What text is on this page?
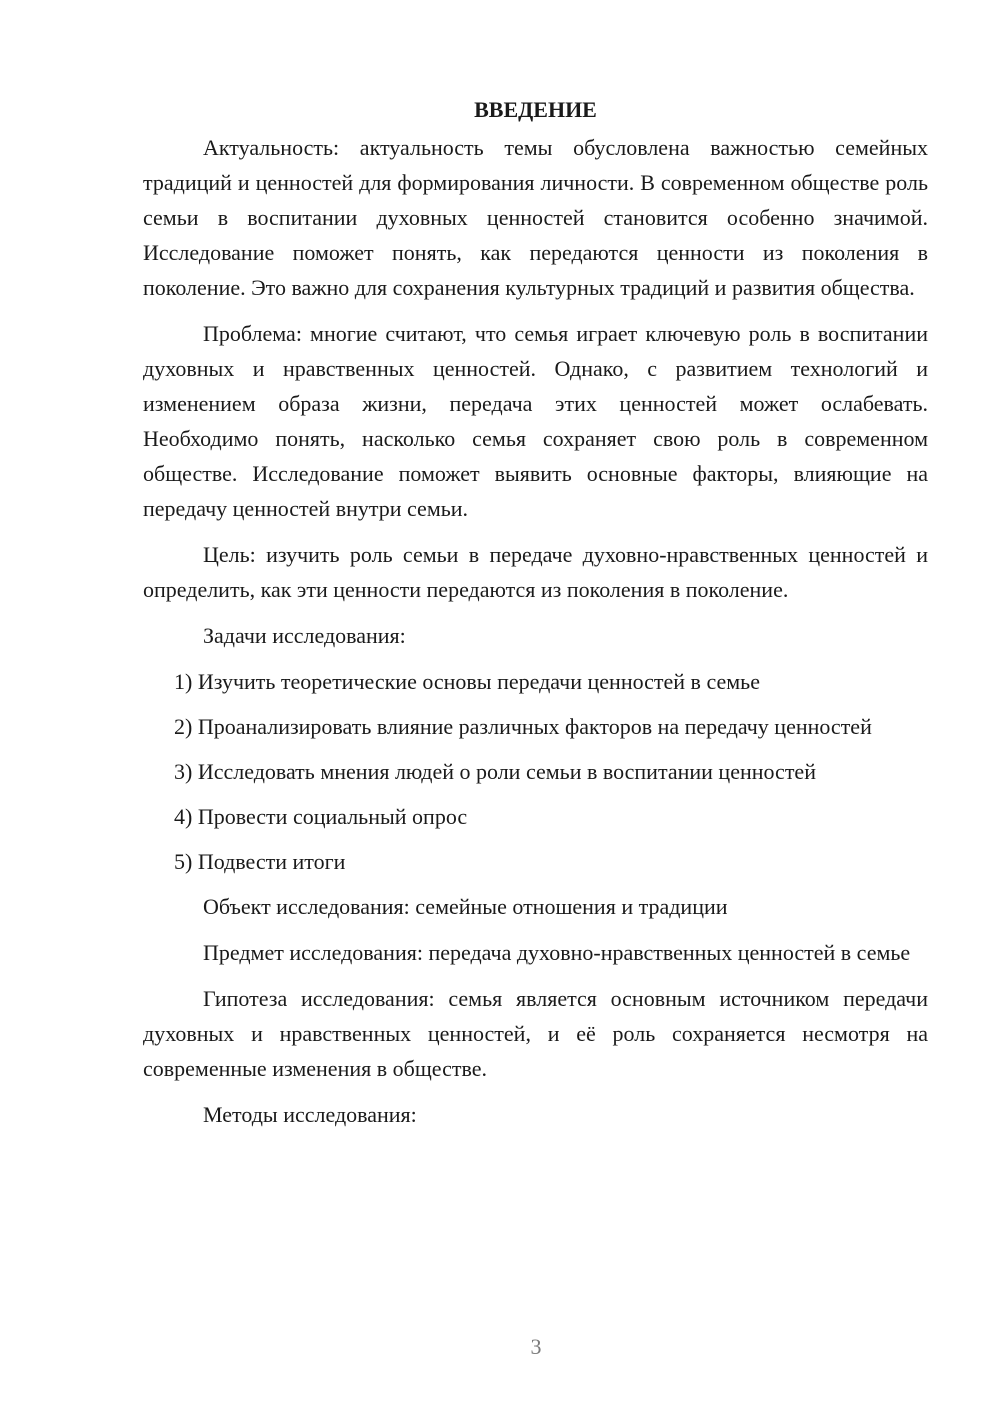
ВВЕДЕНИЕ

Актуальность: актуальность темы обусловлена важностью семейных традиций и ценностей для формирования личности. В современном обществе роль семьи в воспитании духовных ценностей становится особенно значимой. Исследование поможет понять, как передаются ценности из поколения в поколение. Это важно для сохранения культурных традиций и развития общества.

Проблема: многие считают, что семья играет ключевую роль в воспитании духовных и нравственных ценностей. Однако, с развитием технологий и изменением образа жизни, передача этих ценностей может ослабевать. Необходимо понять, насколько семья сохраняет свою роль в современном обществе. Исследование поможет выявить основные факторы, влияющие на передачу ценностей внутри семьи.

Цель: изучить роль семьи в передаче духовно-нравственных ценностей и определить, как эти ценности передаются из поколения в поколение.

Задачи исследования:

1) Изучить теоретические основы передачи ценностей в семье

2) Проанализировать влияние различных факторов на передачу ценностей

3) Исследовать мнения людей о роли семьи в воспитании ценностей

4) Провести социальный опрос

5) Подвести итоги

Объект исследования: семейные отношения и традиции

Предмет исследования: передача духовно-нравственных ценностей в семье

Гипотеза исследования: семья является основным источником передачи духовных и нравственных ценностей, и её роль сохраняется несмотря на современные изменения в обществе.

Методы исследования:

3
